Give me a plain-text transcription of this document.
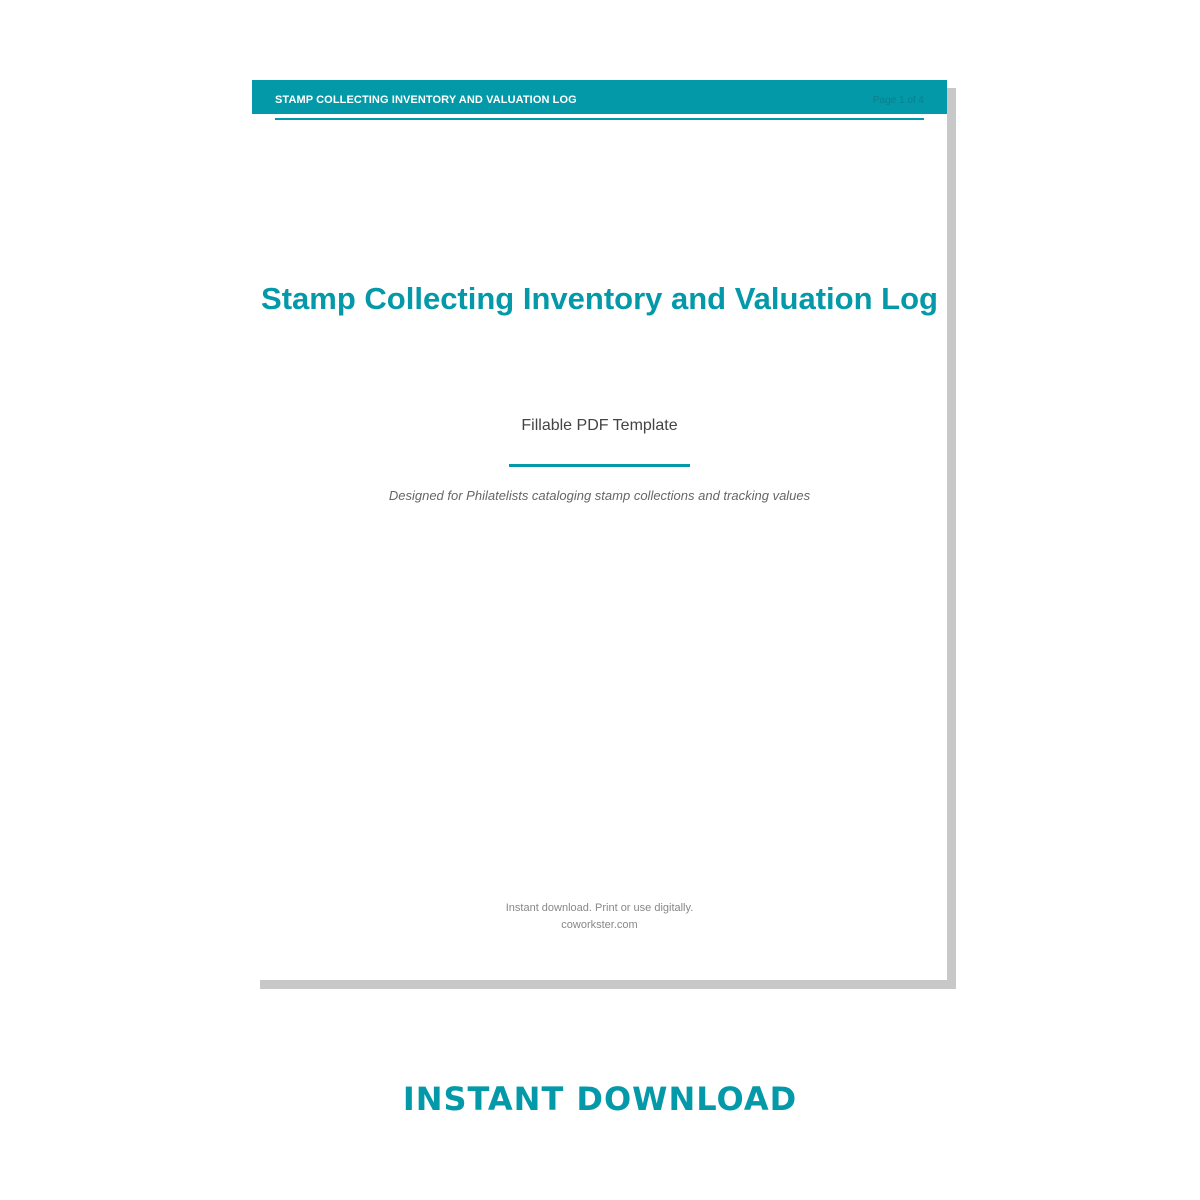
STAMP COLLECTING INVENTORY AND VALUATION LOG	Page 1 of 4
Stamp Collecting Inventory and Valuation Log
Fillable PDF Template
Designed for Philatelists cataloging stamp collections and tracking values
Instant download. Print or use digitally.
coworkster.com
INSTANT DOWNLOAD
